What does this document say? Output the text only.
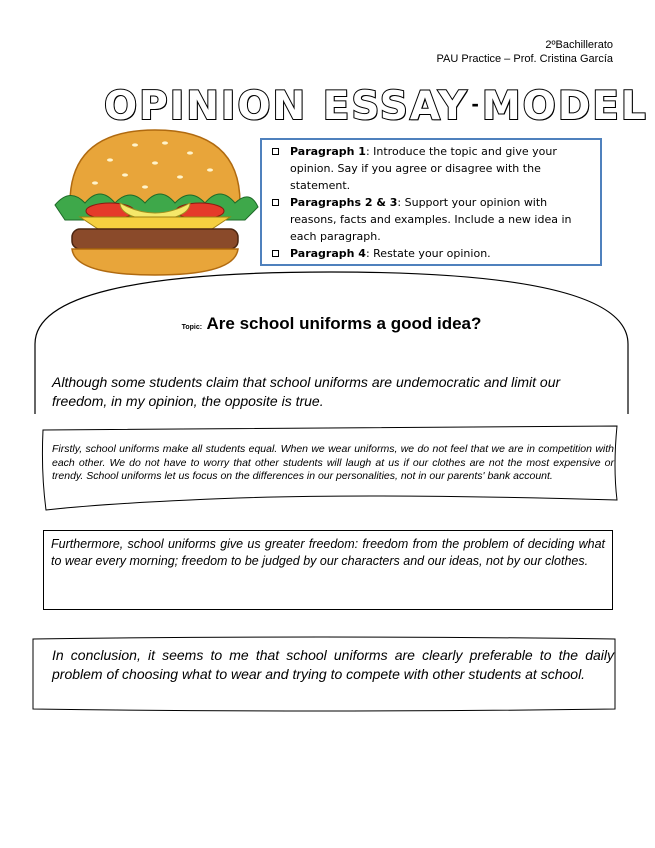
2ºBachillerato
PAU Practice – Prof. Cristina García
OPINION ESSAY -MODEL
Paragraph 1: Introduce the topic and give your opinion. Say if you agree or disagree with the statement.
Paragraphs 2 & 3: Support your opinion with reasons, facts and examples. Include a new idea in each paragraph.
Paragraph 4: Restate your opinion.
Topic: Are school uniforms a good idea?
Although some students claim that school uniforms are undemocratic and limit our freedom, in my opinion, the opposite is true.
Firstly, school uniforms make all students equal. When we wear uniforms, we do not feel that we are in competition with each other. We do not have to worry that other students will laugh at us if our clothes are not the most expensive or trendy. School uniforms let us focus on the differences in our personalities, not in our parents' bank account.
Furthermore, school uniforms give us greater freedom: freedom from the problem of deciding what to wear every morning; freedom to be judged by our characters and our ideas, not by our clothes.
In conclusion, it seems to me that school uniforms are clearly preferable to the daily problem of choosing what to wear and trying to compete with other students at school.
